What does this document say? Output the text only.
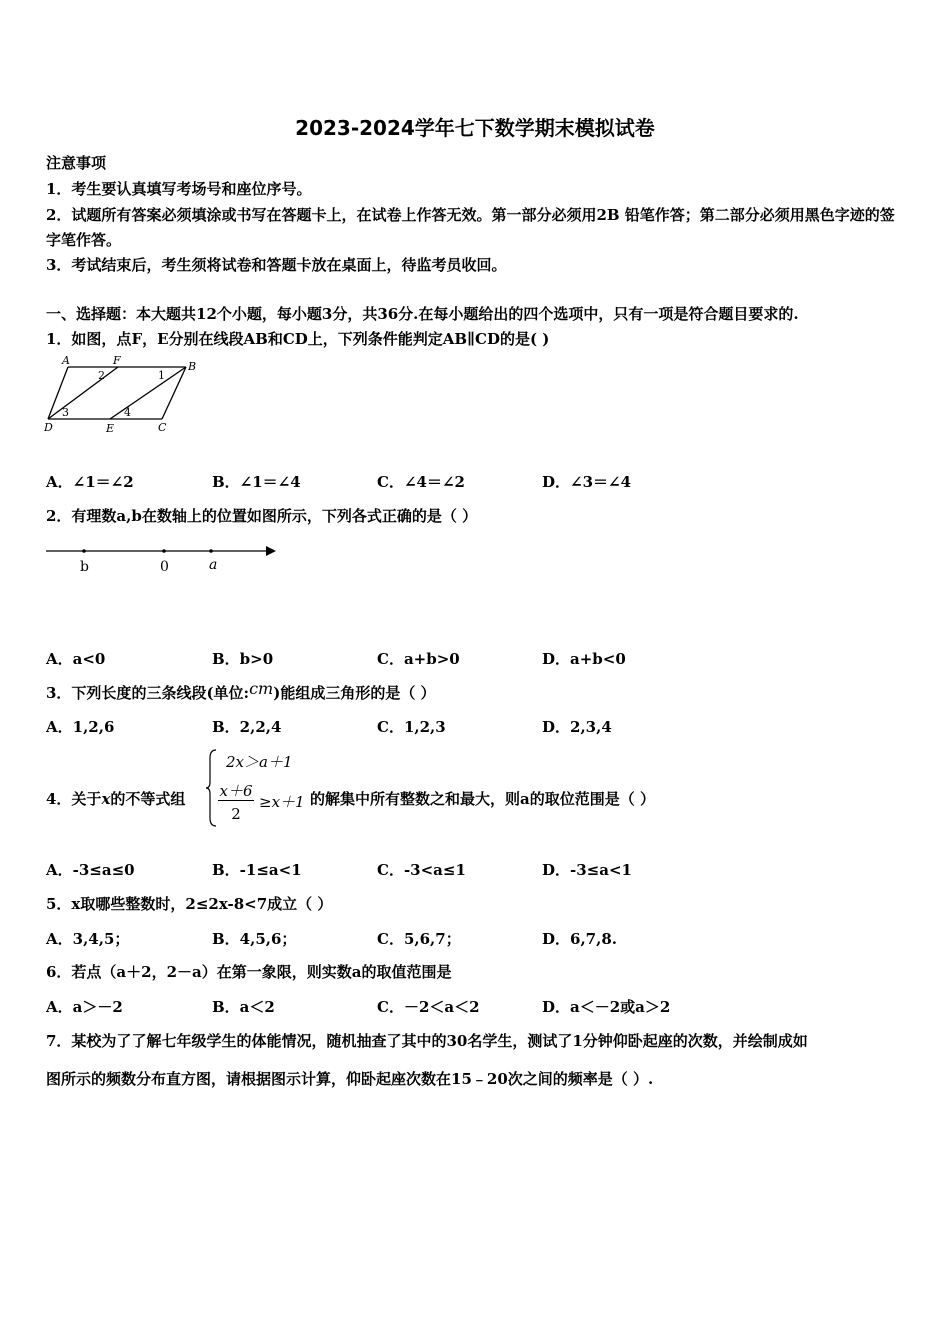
2023-2024学年七下数学期末模拟试卷
注意事项
1．考生要认真填写考场号和座位序号。
2．试题所有答案必须填涂或书写在答题卡上，在试卷上作答无效。第一部分必须用2B 铅笔作答；第二部分必须用黑色字迹的签字笔作答。
3．考试结束后，考生须将试卷和答题卡放在桌面上，待监考员收回。
一、选择题：本大题共12个小题，每小题3分，共36分.在每小题给出的四个选项中，只有一项是符合题目要求的.
1．如图，点F，E分别在线段AB和CD上，下列条件能判定AB∥CD的是( )
A	F	B
D	E	C
1
2
3	4
A．∠1＝∠2	B．∠1＝∠4	C．∠4＝∠2	D．∠3＝∠4
2．有理数a,b在数轴上的位置如图所示，下列各式正确的是（ ）
b	0	a
A．a<0	B．b>0	C．a+b>0	D．a+b<0
3．下列长度的三条线段(单位:cm)能组成三角形的是（ ）
A．1,2,6	B．2,2,4	C．1,2,3	D．2,3,4
4．关于x的不等式组
2x＞a＋1
x＋6
2
≥x＋1 的解集中所有整数之和最大，则a的取位范围是（ ）
A．-3≤a≤0	B．-1≤a<1	C．-3<a≤1	D．-3≤a<1
5．x取哪些整数时，2≤2x-8<7成立（ ）
A．3,4,5；	B．4,5,6；	C．5,6,7；	D．6,7,8.
6．若点（a＋2，2－a）在第一象限，则实数a的取值范围是
A．a＞－2	B．a＜2	C．－2＜a＜2	D．a＜－2或a＞2
7．某校为了了解七年级学生的体能情况，随机抽查了其中的30名学生，测试了1分钟仰卧起座的次数，并绘制成如
图所示的频数分布直方图，请根据图示计算，仰卧起座次数在15﹣20次之间的频率是（ ）.
